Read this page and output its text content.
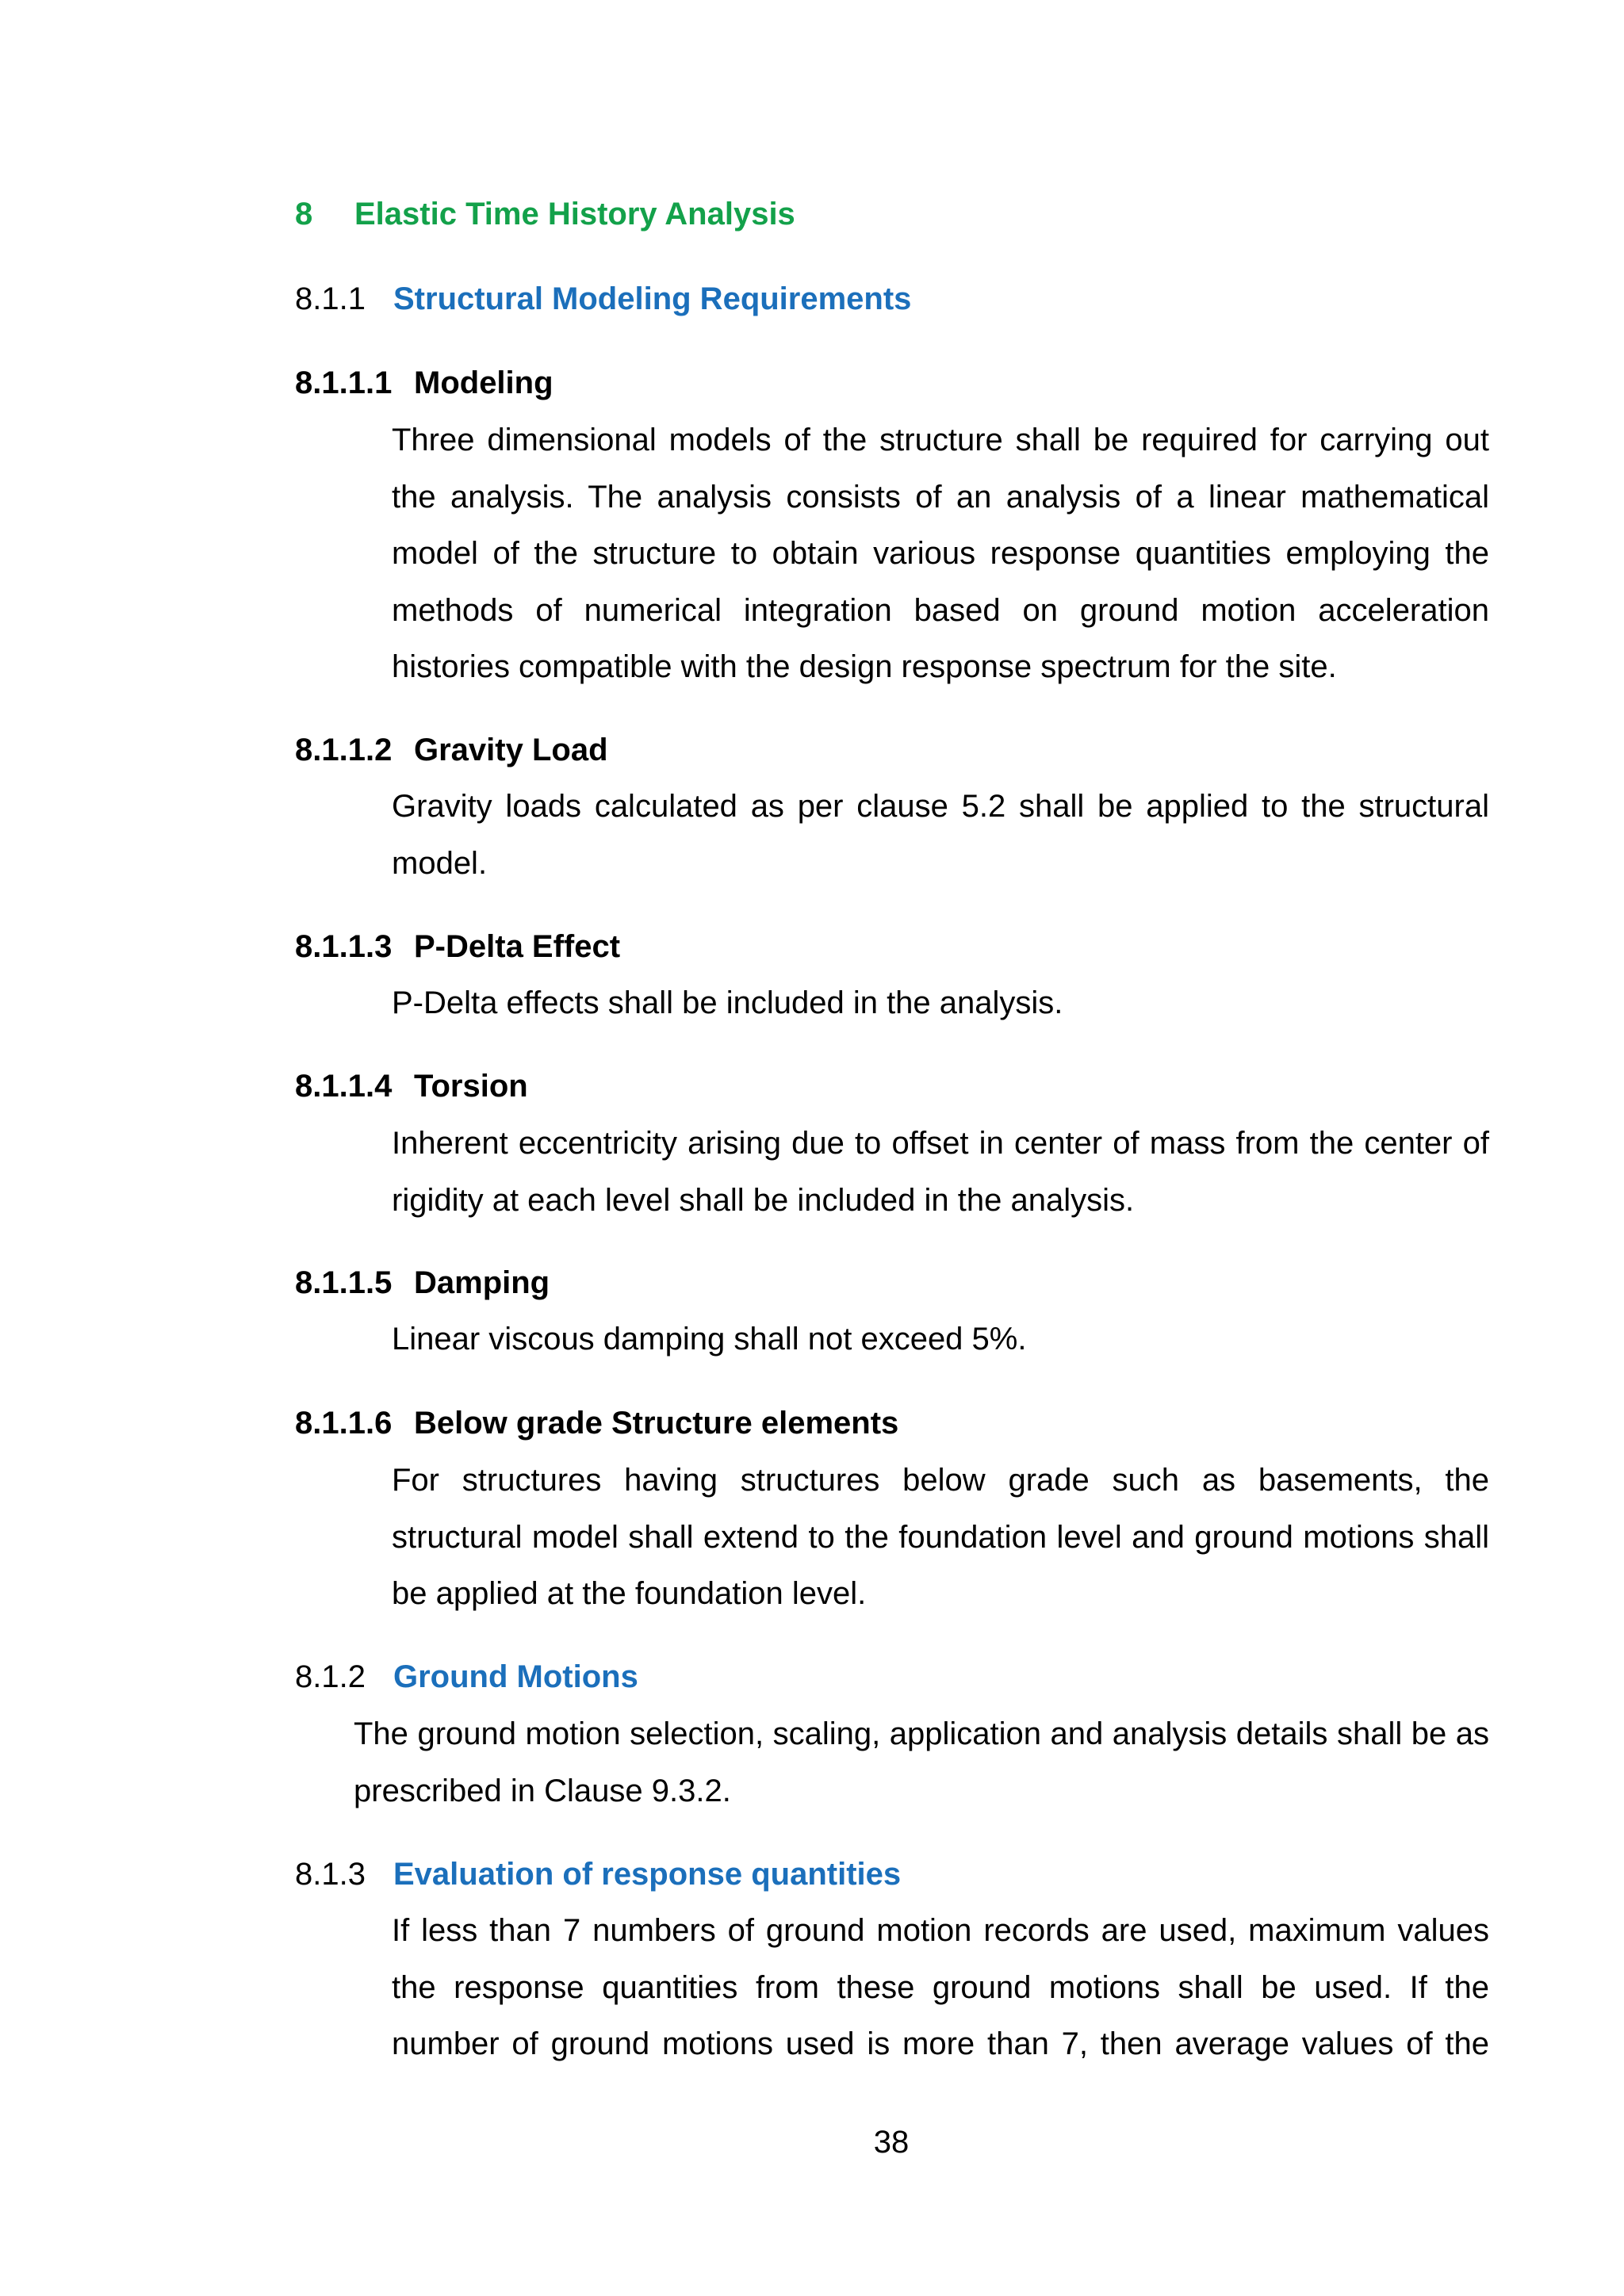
8 Elastic Time History Analysis
8.1.1 Structural Modeling Requirements
8.1.1.1 Modeling

Three dimensional models of the structure shall be required for carrying out the analysis. The analysis consists of an analysis of a linear mathematical model of the structure to obtain various response quantities employing the methods of numerical integration based on ground motion acceleration histories compatible with the design response spectrum for the site.

8.1.1.2 Gravity Load

Gravity loads calculated as per clause 5.2 shall be applied to the structural model.

8.1.1.3 P-Delta Effect

P-Delta effects shall be included in the analysis.

8.1.1.4 Torsion

Inherent eccentricity arising due to offset in center of mass from the center of rigidity at each level shall be included in the analysis.

8.1.1.5 Damping

Linear viscous damping shall not exceed 5%.

8.1.1.6 Below grade Structure elements

For structures having structures below grade such as basements, the structural model shall extend to the foundation level and ground motions shall be applied at the foundation level.

8.1.2 Ground Motions

The ground motion selection, scaling, application and analysis details shall be as prescribed in Clause 9.3.2.

8.1.3 Evaluation of response quantities

If less than 7 numbers of ground motion records are used, maximum values the response quantities from these ground motions shall be used. If the number of ground motions used is more than 7, then average values of the

38
